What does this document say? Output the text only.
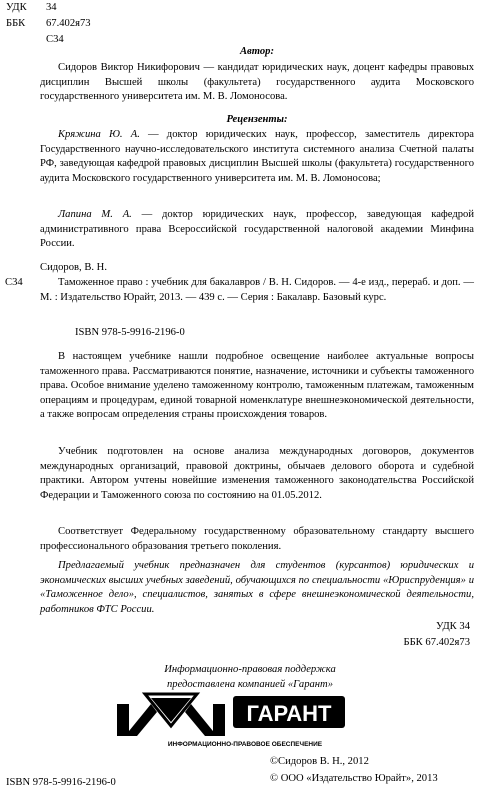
УДК 34
ББК 67.402я73
С34
Автор:

Сидоров Виктор Никифорович — кандидат юридических наук, доцент кафедры правовых дисциплин Высшей школы (факультета) государственного аудита Московского государственного университета им. М. В. Ломоносова.

Рецензенты:

Кряжина Ю. А. — доктор юридических наук, профессор, заместитель директора Государственного научно-исследовательского института системного анализа Счетной палаты РФ, заведующая кафедрой правовых дисциплин Высшей школы (факультета) государственного аудита Московского государственного университета им. М. В. Ломоносова;

Лапина М. А. — доктор юридических наук, профессор, заведующая кафедрой административного права Всероссийской государственной налоговой академии Минфина России.

Сидоров, В. Н.
С34	Таможенное право : учебник для бакалавров / В. Н. Сидоров. — 4-е изд., перераб. и доп. — М. : Издательство Юрайт, 2013. — 439 с. — Серия : Бакалавр. Базовый курс.

ISBN 978-5-9916-2196-0

В настоящем учебнике нашли подробное освещение наиболее актуальные вопросы таможенного права. Рассматриваются понятие, назначение, источники и субъекты таможенного права. Особое внимание уделено таможенному контролю, таможенным платежам, таможенным операциям и процедурам, единой товарной номенклатуре внешнеэкономической деятельности, а также вопросам определения страны происхождения товаров.

Учебник подготовлен на основе анализа международных договоров, документов международных организаций, правовой доктрины, обычаев делового оборота и судебной практики. Автором учтены новейшие изменения таможенного законодательства Российской Федерации и Таможенного союза по состоянию на 01.05.2012.

Соответствует Федеральному государственному образовательному стандарту высшего профессионального образования третьего поколения.

Предлагаемый учебник предназначен для студентов (курсантов) юридических и экономических высших учебных заведений, обучающихся по специальности «Юриспруденция» и «Таможенное дело», специалистов, занятых в сфере внешнеэкономической деятельности, работников ФТС России.

УДК 34
ББК 67.402я73
Информационно-правовая поддержка
предоставлена компанией «Гарант»
ГАРАНТ
ИНФОРМАЦИОННО-ПРАВОВОЕ ОБЕСПЕЧЕНИЕ
©Сидоров В. Н., 2012
© ООО «Издательство Юрайт», 2013
ISBN 978-5-9916-2196-0
